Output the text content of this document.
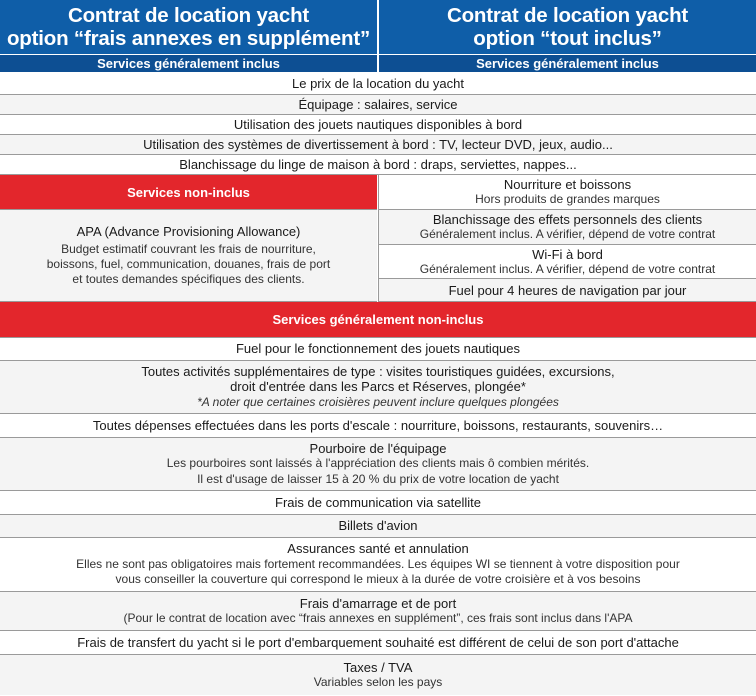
Contrat de location yacht
option “frais annexes en supplément”
Contrat de location yacht
option “tout inclus”
Services généralement inclus	Services généralement inclus
Le prix de la location du yacht
Équipage : salaires, service
Utilisation des jouets nautiques disponibles à bord
Utilisation des systèmes de divertissement à bord : TV, lecteur DVD, jeux, audio...
Blanchissage du linge de maison à bord : draps, serviettes, nappes...
Services non-inclus
APA (Advance Provisioning Allowance)
Budget estimatif couvrant les frais de nourriture,
boissons, fuel, communication, douanes, frais de port
et toutes demandes spécifiques des clients.
Nourriture et boissons
Hors produits de grandes marques
Blanchissage des effets personnels des clients
Généralement inclus. A vérifier, dépend de votre contrat
Wi-Fi à bord
Généralement inclus. A vérifier, dépend de votre contrat
Fuel pour 4 heures de navigation par jour
Services généralement non-inclus
Fuel pour le fonctionnement des jouets nautiques
Toutes activités supplémentaires de type : visites touristiques guidées, excursions,
droit d'entrée dans les Parcs et Réserves, plongée*
*A noter que certaines croisières peuvent inclure quelques plongées
Toutes dépenses effectuées dans les ports d'escale : nourriture, boissons, restaurants, souvenirs…
Pourboire de l'équipage
Les pourboires sont laissés à l'appréciation des clients mais ô combien mérités.
Il est d'usage de laisser 15 à 20 % du prix de votre location de yacht
Frais de communication via satellite
Billets d'avion
Assurances santé et annulation
Elles ne sont pas obligatoires mais fortement recommandées. Les équipes WI se tiennent à votre disposition pour
vous conseiller la couverture qui correspond le mieux à la durée de votre croisière et à vos besoins
Frais d'amarrage et de port
(Pour le contrat de location avec “frais annexes en supplément”, ces frais sont inclus dans l'APA
Frais de transfert du yacht si le port d'embarquement souhaité est différent de celui de son port d'attache
Taxes / TVA
Variables selon les pays
